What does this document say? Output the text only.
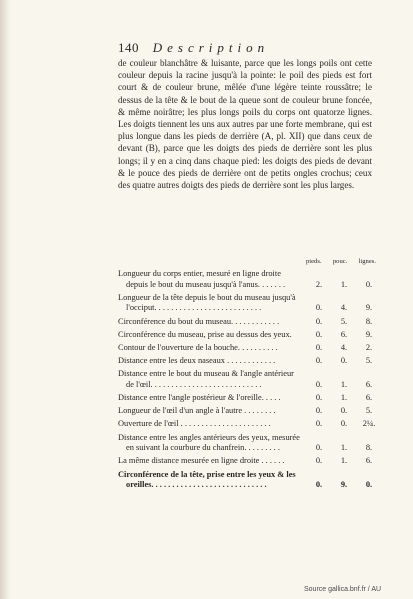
140 Description
de couleur blanchâtre & luisante, parce que les longs poils ont cette couleur depuis la racine jusqu'à la pointe: le poil des pieds est fort court & de couleur brune, mêlée d'une légère teinte roussâtre; le dessus de la tête & le bout de la queue sont de couleur brune foncée, & même noirâtre; les plus longs poils du corps ont quatorze lignes. Les doigts tiennent les uns aux autres par une forte membrane, qui est plus longue dans les pieds de derrière (A, pl. XII) que dans ceux de devant (B), parce que les doigts des pieds de derrière sont les plus longs; il y en a cinq dans chaque pied: les doigts des pieds de devant & le pouce des pieds de derrière ont de petits ongles crochus; ceux des quatre autres doigts des pieds de derrière sont les plus larges.
pieds. pouc. lignes.
Longueur du corps entier, mesuré en ligne droite
depuis le bout du museau jusqu'à l'anus. . . . . . .	2.	1.	0.
Longueur de la tête depuis le bout du museau jusqu'à
l'occiput. . . . . . . . . . . . . . . . . . . . . . . . . .	0.	4.	9.
Circonférence du bout du museau. . . . . . . . . . . .	0.	5.	8.
Circonférence du museau, prise au dessus des yeux.	0.	6.	9.
Contour de l'ouverture de la bouche. . . . . . . . . .	0.	4.	2.
Distance entre les deux naseaux . . . . . . . . . . . .	0.	0.	5.
Distance entre le bout du museau & l'angle antérieur
de l'œil. . . . . . . . . . . . . . . . . . . . . . . . . . .	0.	1.	6.
Distance entre l'angle postérieur & l'oreille. . . . .	0.	1.	6.
Longueur de l'œil d'un angle à l'autre . . . . . . . .	0.	0.	5.
Ouverture de l'œil . . . . . . . . . . . . . . . . . . . . . .	0.	0.	2¼.
Distance entre les angles antérieurs des yeux, mesurée
en suivant la courbure du chanfrein. . . . . . . . .	0.	1.	8.
La même distance mesurée en ligne droite . . . . . .	0.	1.	6.
Circonférence de la tête, prise entre les yeux & les
oreilles. . . . . . . . . . . . . . . . . . . . . . . . . . . .	0.	9.	0.
Source gallica.bnf.fr / AU
